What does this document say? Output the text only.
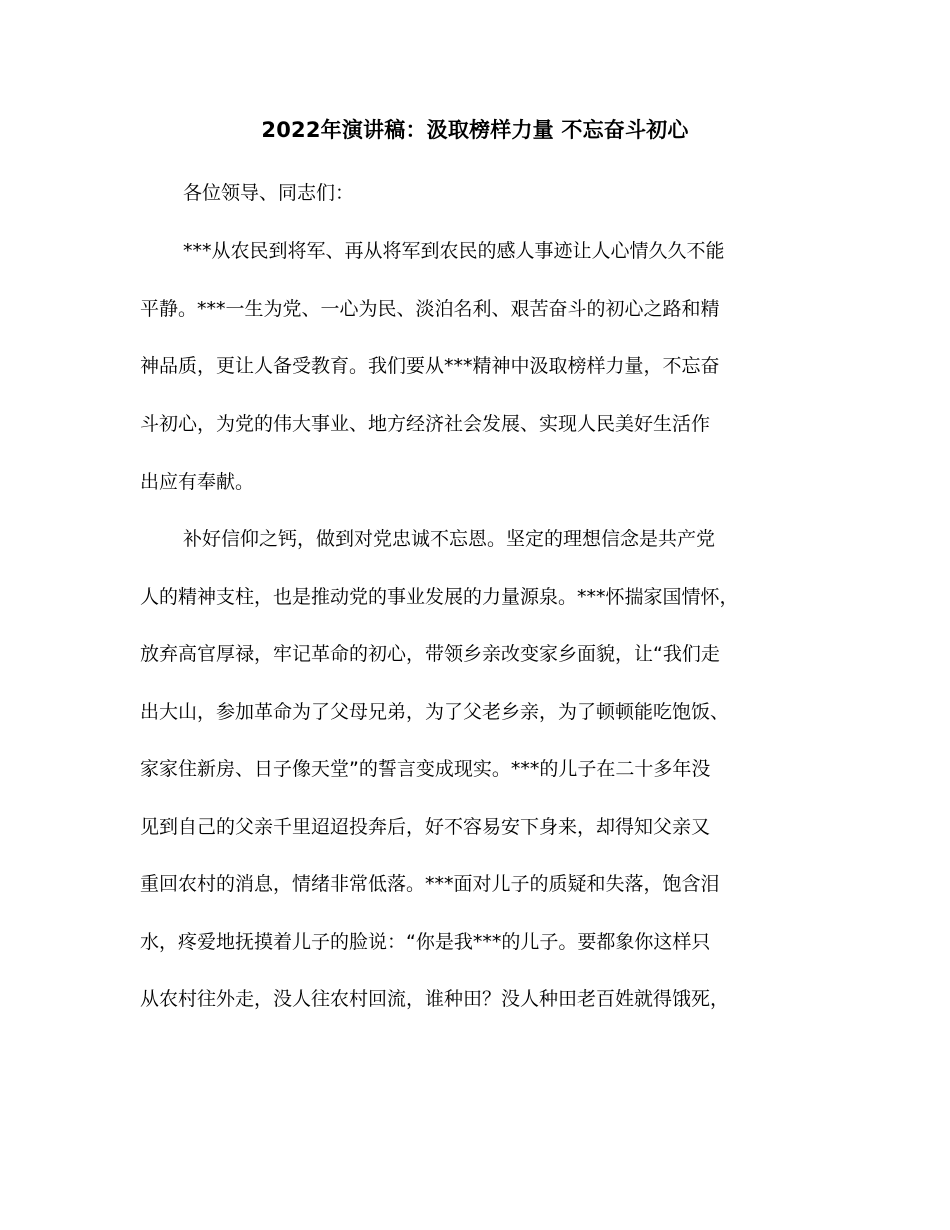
2022年演讲稿：汲取榜样力量 不忘奋斗初心
各位领导、同志们：
***从农民到将军、再从将军到农民的感人事迹让人心情久久不能
平静。***一生为党、一心为民、淡泊名利、艰苦奋斗的初心之路和精
神品质，更让人备受教育。我们要从***精神中汲取榜样力量，不忘奋
斗初心，为党的伟大事业、地方经济社会发展、实现人民美好生活作
出应有奉献。
补好信仰之钙，做到对党忠诚不忘恩。坚定的理想信念是共产党
人的精神支柱，也是推动党的事业发展的力量源泉。***怀揣家国情怀，
放弃高官厚禄，牢记革命的初心，带领乡亲改变家乡面貌，让“我们走
出大山，参加革命为了父母兄弟，为了父老乡亲，为了顿顿能吃饱饭、
家家住新房、日子像天堂”的誓言变成现实。***的儿子在二十多年没
见到自己的父亲千里迢迢投奔后，好不容易安下身来，却得知父亲又
重回农村的消息，情绪非常低落。***面对儿子的质疑和失落，饱含泪
水，疼爱地抚摸着儿子的脸说：“你是我***的儿子。要都象你这样只
从农村往外走，没人往农村回流，谁种田？没人种田老百姓就得饿死，
